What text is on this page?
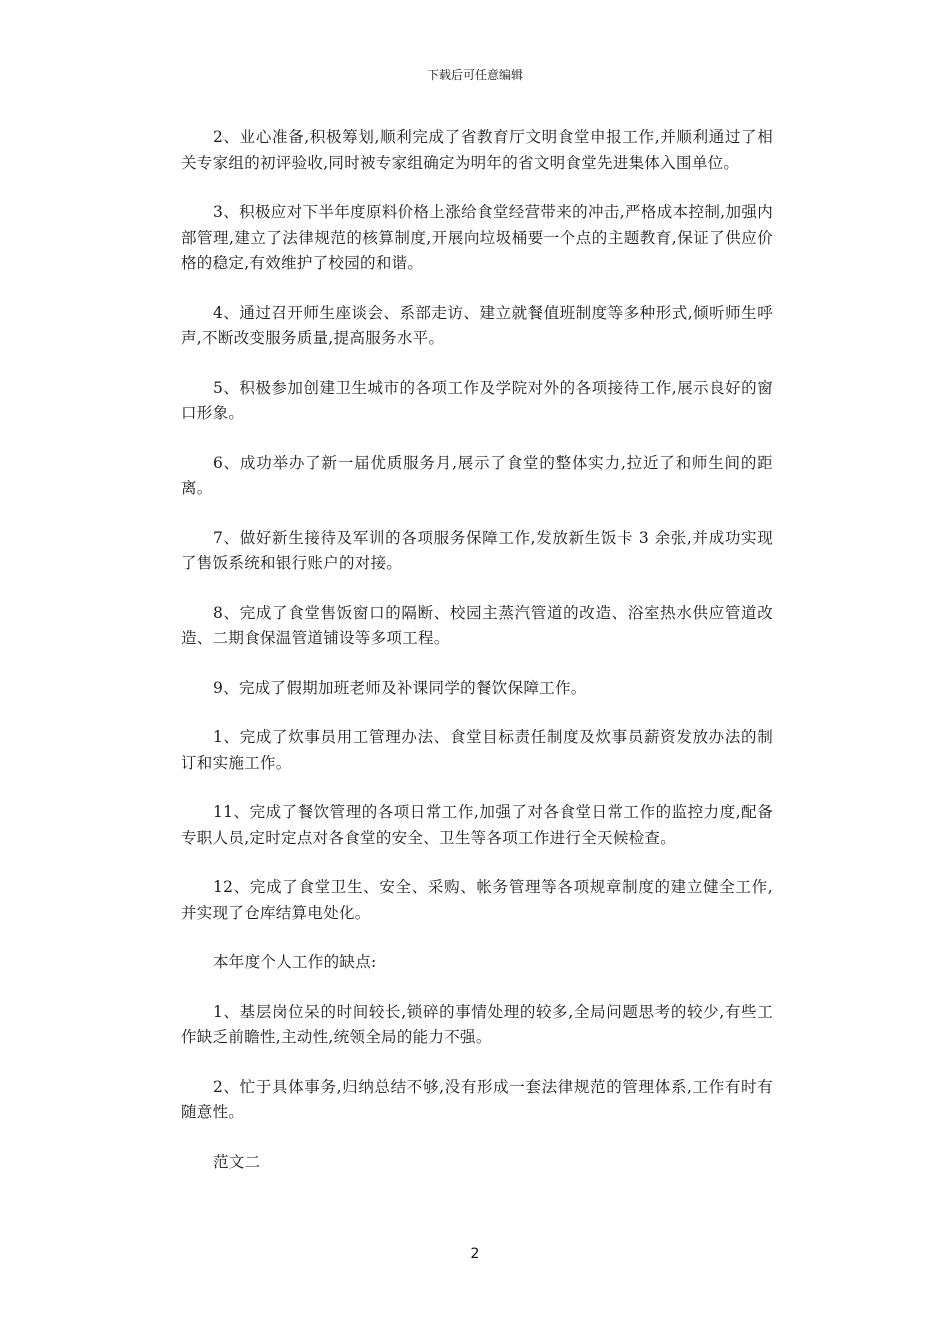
下载后可任意编辑

2、业心准备,积极筹划,顺利完成了省教育厅文明食堂申报工作,并顺利通过了相关专家组的初评验收,同时被专家组确定为明年的省文明食堂先进集体入围单位。

3、积极应对下半年度原料价格上涨给食堂经营带来的冲击,严格成本控制,加强内部管理,建立了法律规范的核算制度,开展向垃圾桶要一个点的主题教育,保证了供应价格的稳定,有效维护了校园的和谐。

4、通过召开师生座谈会、系部走访、建立就餐值班制度等多种形式,倾听师生呼声,不断改变服务质量,提高服务水平。

5、积极参加创建卫生城市的各项工作及学院对外的各项接待工作,展示良好的窗口形象。

6、成功举办了新一届优质服务月,展示了食堂的整体实力,拉近了和师生间的距离。

7、做好新生接待及军训的各项服务保障工作,发放新生饭卡 3 余张,并成功实现了售饭系统和银行账户的对接。

8、完成了食堂售饭窗口的隔断、校园主蒸汽管道的改造、浴室热水供应管道改造、二期食保温管道铺设等多项工程。

9、完成了假期加班老师及补课同学的餐饮保障工作。

1、完成了炊事员用工管理办法、食堂目标责任制度及炊事员薪资发放办法的制订和实施工作。

11、完成了餐饮管理的各项日常工作,加强了对各食堂日常工作的监控力度,配备专职人员,定时定点对各食堂的安全、卫生等各项工作进行全天候检查。

12、完成了食堂卫生、安全、采购、帐务管理等各项规章制度的建立健全工作,并实现了仓库结算电处化。

本年度个人工作的缺点:

1、基层岗位呆的时间较长,锁碎的事情处理的较多,全局问题思考的较少,有些工作缺乏前瞻性,主动性,统领全局的能力不强。

2、忙于具体事务,归纳总结不够,没有形成一套法律规范的管理体系,工作有时有随意性。

范文二

2
